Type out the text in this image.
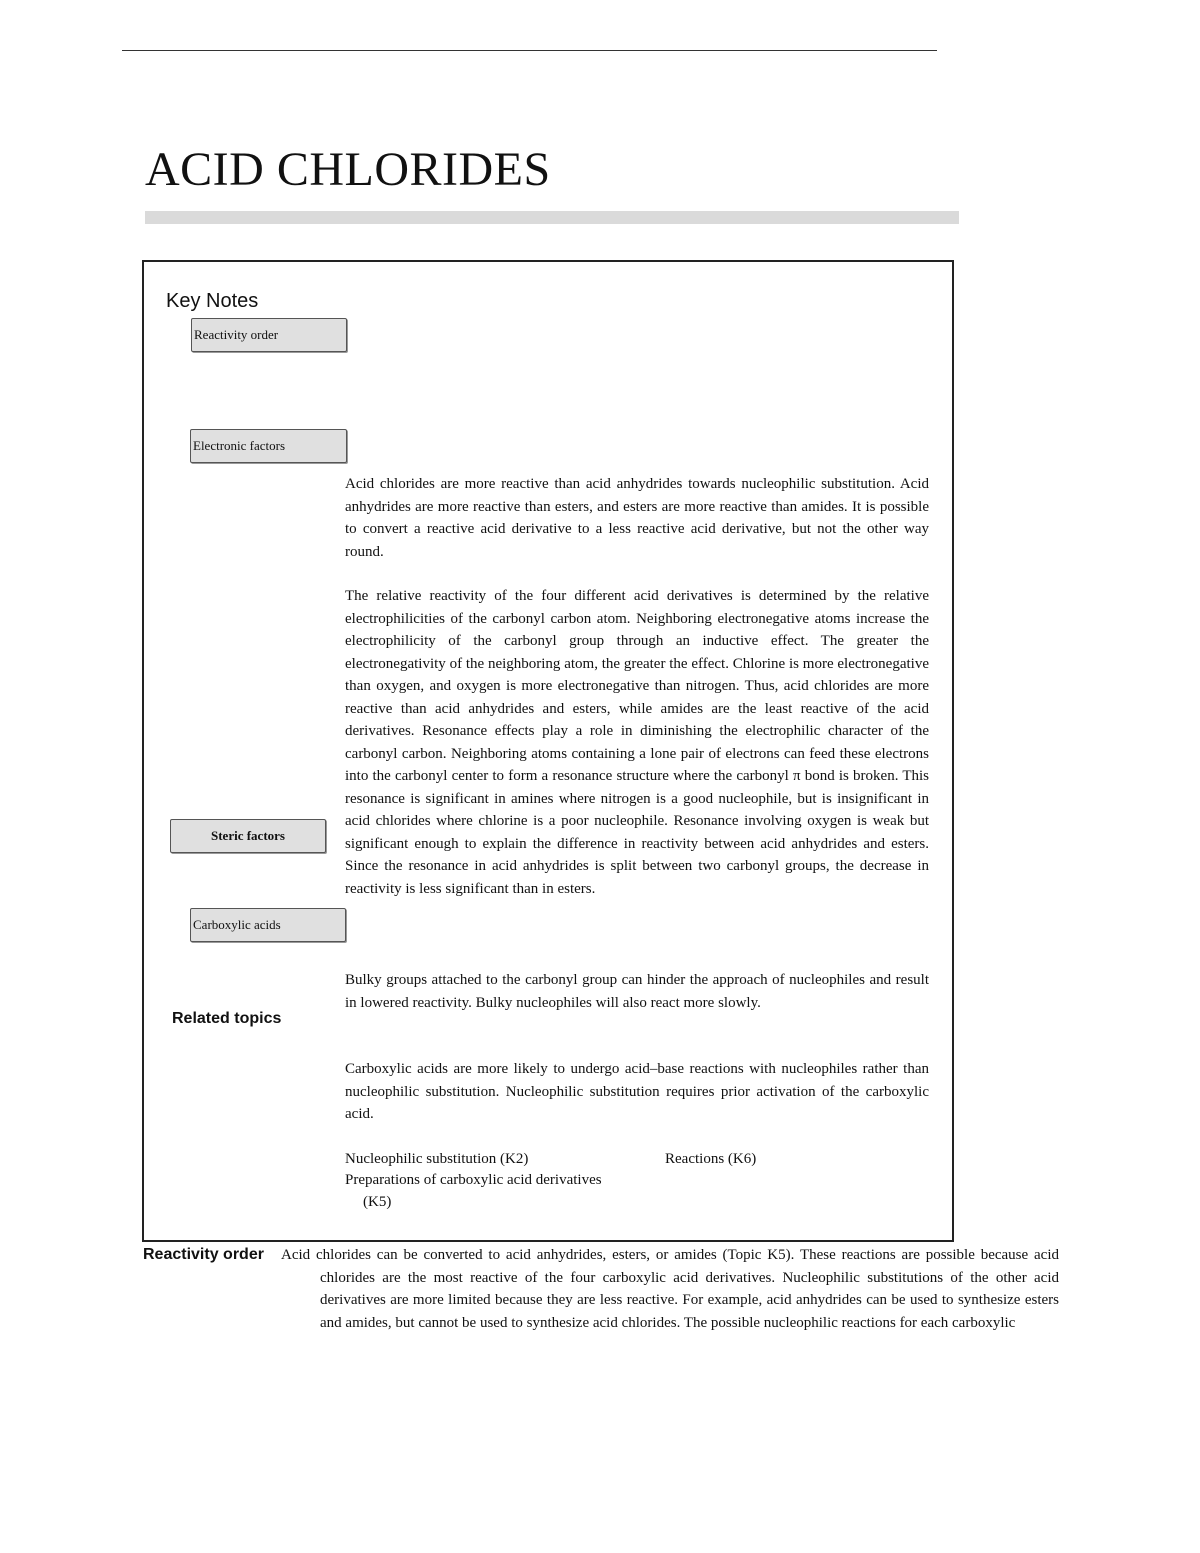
ACID CHLORIDES
Key Notes
Reactivity order
Electronic factors
Steric factors
Carboxylic acids
Related topics

Acid chlorides are more reactive than acid anhydrides towards nucleophilic substitution. Acid anhydrides are more reactive than esters, and esters are more reactive than amides. It is possible to convert a reactive acid derivative to a less reactive acid derivative, but not the other way round.

The relative reactivity of the four different acid derivatives is determined by the relative electrophilicities of the carbonyl carbon atom. Neighboring electronegative atoms increase the electrophilicity of the carbonyl group through an inductive effect. The greater the electronegativity of the neighboring atom, the greater the effect. Chlorine is more electronegative than oxygen, and oxygen is more electronegative than nitrogen. Thus, acid chlorides are more reactive than acid anhydrides and esters, while amides are the least reactive of the acid derivatives. Resonance effects play a role in diminishing the electrophilic character of the carbonyl carbon. Neighboring atoms containing a lone pair of electrons can feed these electrons into the carbonyl center to form a resonance structure where the carbonyl π bond is broken. This resonance is significant in amines where nitrogen is a good nucleophile, but is insignificant in acid chlorides where chlorine is a poor nucleophile. Resonance involving oxygen is weak but significant enough to explain the difference in reactivity between acid anhydrides and esters. Since the resonance in acid anhydrides is split between two carbonyl groups, the decrease in reactivity is less significant than in esters.

Bulky groups attached to the carbonyl group can hinder the approach of nucleophiles and result in lowered reactivity. Bulky nucleophiles will also react more slowly.

Carboxylic acids are more likely to undergo acid–base reactions with nucleophiles rather than nucleophilic substitution. Nucleophilic substitution requires prior activation of the carboxylic acid.

Nucleophilic substitution (K2)	Reactions (K6)
Preparations of carboxylic acid derivatives
(K5)
Reactivity order	Acid chlorides can be converted to acid anhydrides, esters, or amides (Topic K5). These reactions are possible because acid chlorides are the most reactive of the four carboxylic acid derivatives. Nucleophilic substitutions of the other acid derivatives are more limited because they are less reactive. For example, acid anhydrides can be used to synthesize esters and amides, but cannot be used to synthesize acid chlorides. The possible nucleophilic reactions for each carboxylic
